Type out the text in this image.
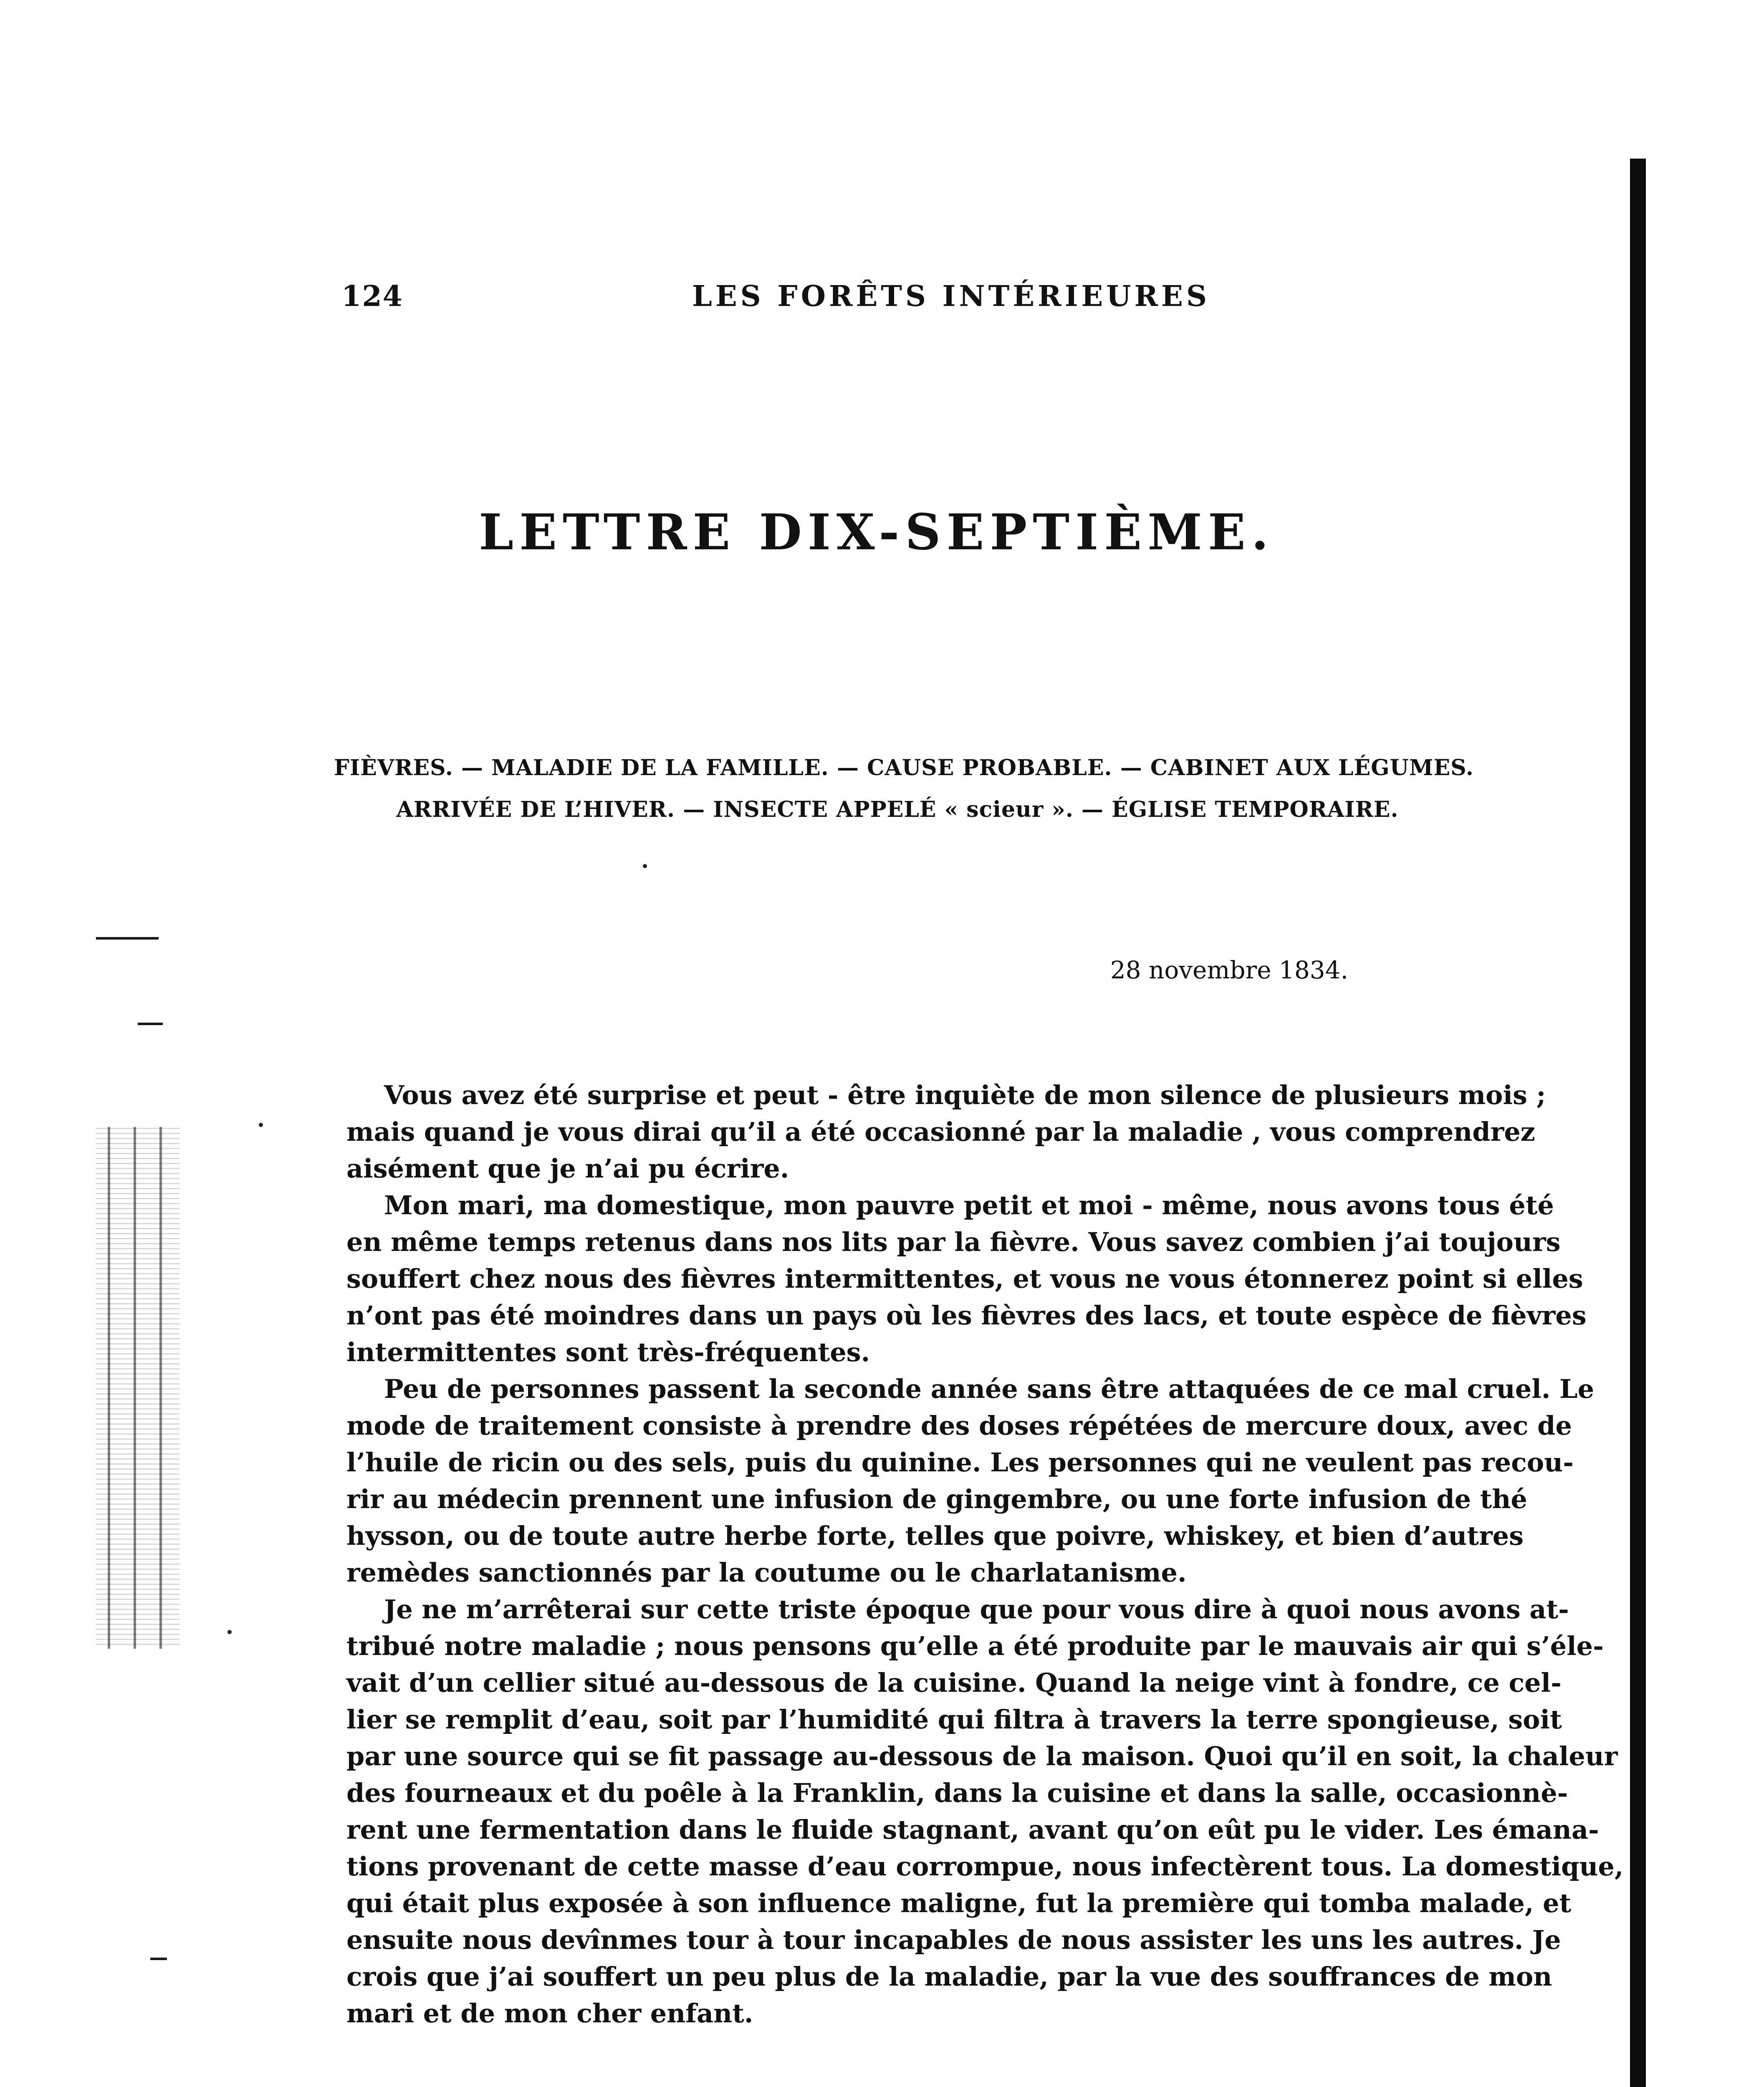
124	LES FORÊTS INTÉRIEURES
LETTRE DIX-SEPTIÈME.
FIÈVRES. — MALADIE DE LA FAMILLE. — CAUSE PROBABLE. — CABINET AUX LÉGUMES.
ARRIVÉE DE L’HIVER. — INSECTE APPELÉ « scieur ». — ÉGLISE TEMPORAIRE.
28 novembre 1834.
Vous avez été surprise et peut - être inquiète de mon silence de plusieurs mois ;
mais quand je vous dirai qu’il a été occasionné par la maladie , vous comprendrez
aisément que je n’ai pu écrire.
Mon mari, ma domestique, mon pauvre petit et moi - même, nous avons tous été
en même temps retenus dans nos lits par la fièvre. Vous savez combien j’ai toujours
souffert chez nous des fièvres intermittentes, et vous ne vous étonnerez point si elles
n’ont pas été moindres dans un pays où les fièvres des lacs, et toute espèce de fièvres
intermittentes sont très-fréquentes.
Peu de personnes passent la seconde année sans être attaquées de ce mal cruel. Le
mode de traitement consiste à prendre des doses répétées de mercure doux, avec de
l’huile de ricin ou des sels, puis du quinine. Les personnes qui ne veulent pas recou-
rir au médecin prennent une infusion de gingembre, ou une forte infusion de thé
hysson, ou de toute autre herbe forte, telles que poivre, whiskey, et bien d’autres
remèdes sanctionnés par la coutume ou le charlatanisme.
Je ne m’arrêterai sur cette triste époque que pour vous dire à quoi nous avons at-
tribué notre maladie ; nous pensons qu’elle a été produite par le mauvais air qui s’éle-
vait d’un cellier situé au-dessous de la cuisine. Quand la neige vint à fondre, ce cel-
lier se remplit d’eau, soit par l’humidité qui filtra à travers la terre spongieuse, soit
par une source qui se fit passage au-dessous de la maison. Quoi qu’il en soit, la chaleur
des fourneaux et du poêle à la Franklin, dans la cuisine et dans la salle, occasionnè-
rent une fermentation dans le fluide stagnant, avant qu’on eût pu le vider. Les émana-
tions provenant de cette masse d’eau corrompue, nous infectèrent tous. La domestique,
qui était plus exposée à son influence maligne, fut la première qui tomba malade, et
ensuite nous devînmes tour à tour incapables de nous assister les uns les autres. Je
crois que j’ai souffert un peu plus de la maladie, par la vue des souffrances de mon
mari et de mon cher enfant.
